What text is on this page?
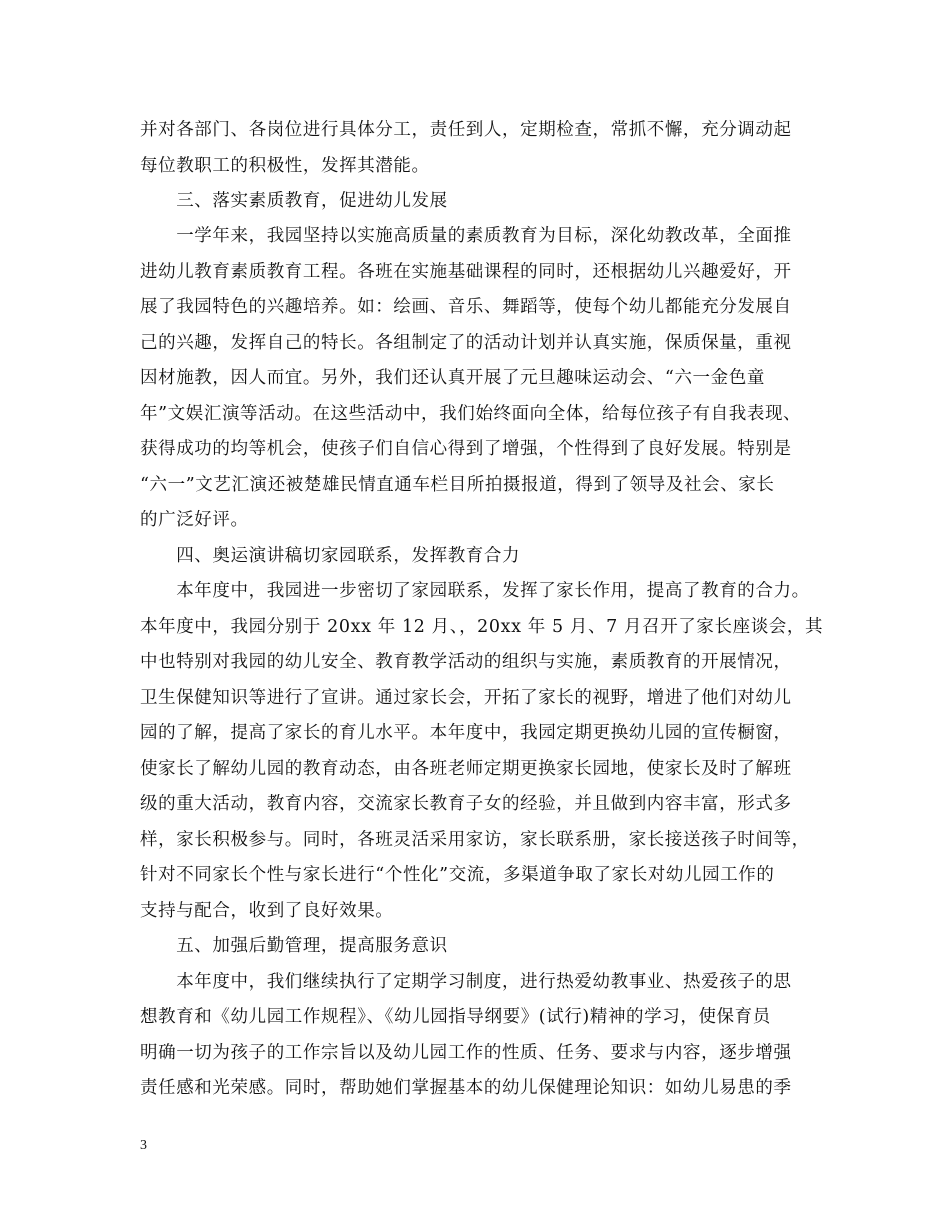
并对各部门、各岗位进行具体分工，责任到人，定期检查，常抓不懈，充分调动起
每位教职工的积极性，发挥其潜能。
　　三、落实素质教育，促进幼儿发展
　　一学年来，我园坚持以实施高质量的素质教育为目标，深化幼教改革，全面推
进幼儿教育素质教育工程。各班在实施基础课程的同时，还根据幼儿兴趣爱好，开
展了我园特色的兴趣培养。如：绘画、音乐、舞蹈等，使每个幼儿都能充分发展自
己的兴趣，发挥自己的特长。各组制定了的活动计划并认真实施，保质保量，重视
因材施教，因人而宜。另外，我们还认真开展了元旦趣味运动会、“六一金色童
年”文娱汇演等活动。在这些活动中，我们始终面向全体，给每位孩子有自我表现、
获得成功的均等机会，使孩子们自信心得到了增强，个性得到了良好发展。特别是
“六一”文艺汇演还被楚雄民情直通车栏目所拍摄报道，得到了领导及社会、家长
的广泛好评。
　　四、奥运演讲稿切家园联系，发挥教育合力
　　本年度中，我园进一步密切了家园联系，发挥了家长作用，提高了教育的合力。
本年度中，我园分别于 20xx 年 12 月、，20xx 年 5 月、7 月召开了家长座谈会，其
中也特别对我园的幼儿安全、教育教学活动的组织与实施，素质教育的开展情况，
卫生保健知识等进行了宣讲。通过家长会，开拓了家长的视野，增进了他们对幼儿
园的了解，提高了家长的育儿水平。本年度中，我园定期更换幼儿园的宣传橱窗，
使家长了解幼儿园的教育动态，由各班老师定期更换家长园地，使家长及时了解班
级的重大活动，教育内容，交流家长教育子女的经验，并且做到内容丰富，形式多
样，家长积极参与。同时，各班灵活采用家访，家长联系册，家长接送孩子时间等，
针对不同家长个性与家长进行“个性化”交流，多渠道争取了家长对幼儿园工作的
支持与配合，收到了良好效果。
　　五、加强后勤管理，提高服务意识
　　本年度中，我们继续执行了定期学习制度，进行热爱幼教事业、热爱孩子的思
想教育和《幼儿园工作规程》、《幼儿园指导纲要》(试行)精神的学习，使保育员
明确一切为孩子的工作宗旨以及幼儿园工作的性质、任务、要求与内容，逐步增强
责任感和光荣感。同时，帮助她们掌握基本的幼儿保健理论知识：如幼儿易患的季
3
